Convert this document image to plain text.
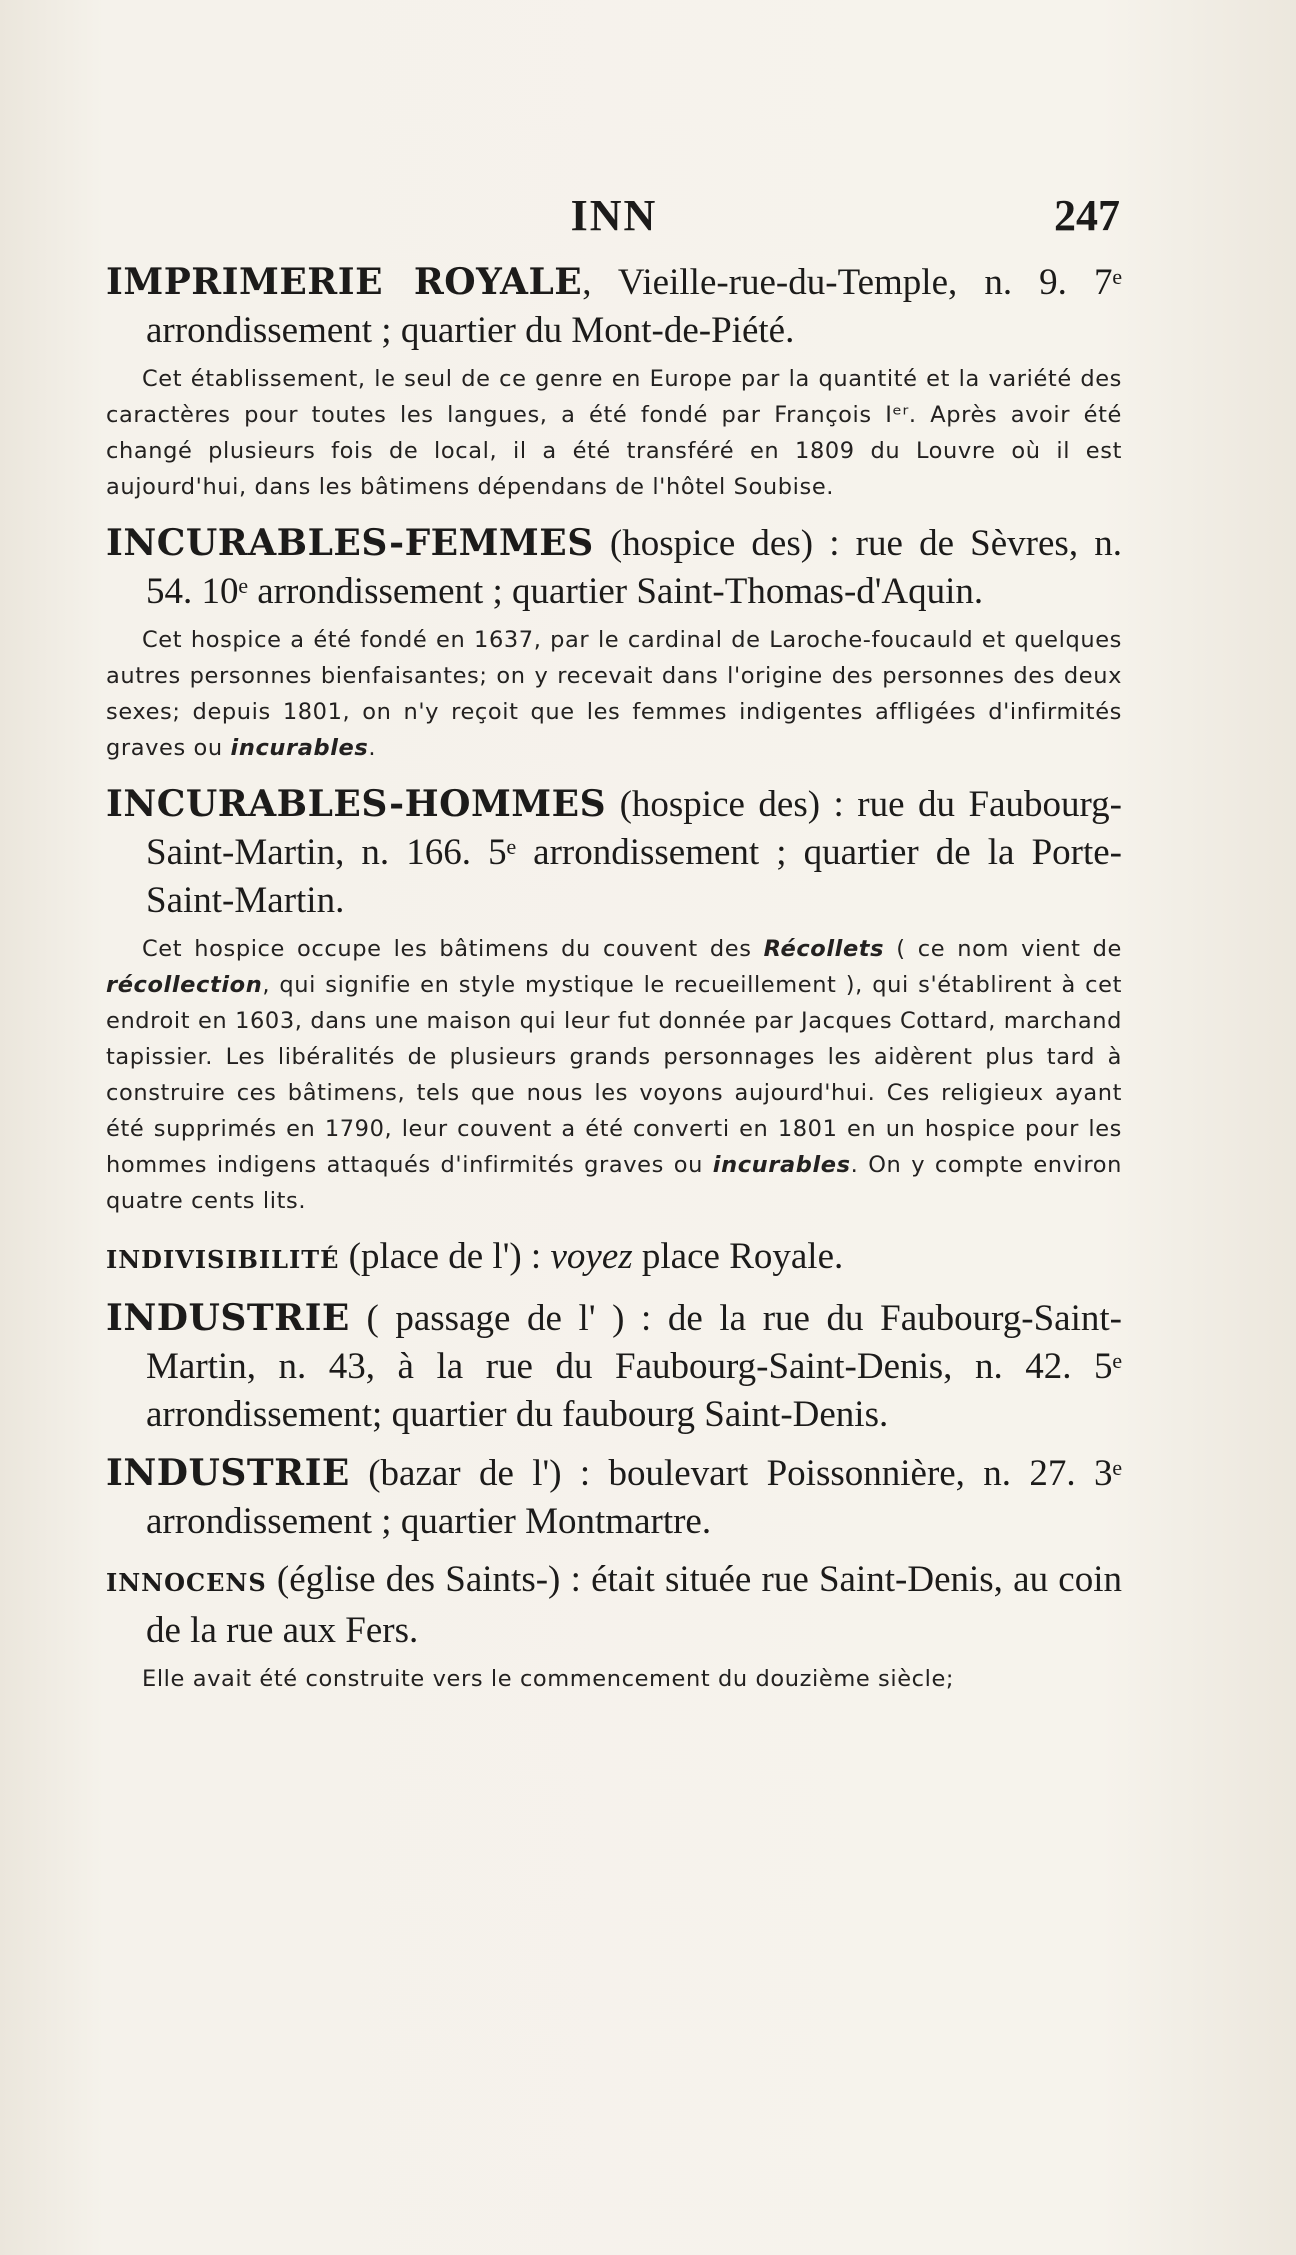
INN	247

IMPRIMERIE ROYALE, Vieille-rue-du-Temple, n. 9. 7ᵉ arrondissement ; quartier du Mont-de-Piété.

Cet établissement, le seul de ce genre en Europe par la quantité et la variété des caractères pour toutes les langues, a été fondé par François Iᵉʳ. Après avoir été changé plusieurs fois de local, il a été transféré en 1809 du Louvre où il est aujourd'hui, dans les bâtimens dépendans de l'hôtel Soubise.

INCURABLES-FEMMES (hospice des) : rue de Sèvres, n. 54. 10ᵉ arrondissement ; quartier Saint-Thomas-d'Aquin.

Cet hospice a été fondé en 1637, par le cardinal de Laroche-foucauld et quelques autres personnes bienfaisantes; on y recevait dans l'origine des personnes des deux sexes; depuis 1801, on n'y reçoit que les femmes indigentes affligées d'infirmités graves ou incurables.

INCURABLES-HOMMES (hospice des) : rue du Faubourg-Saint-Martin, n. 166. 5ᵉ arrondissement ; quartier de la Porte-Saint-Martin.

Cet hospice occupe les bâtimens du couvent des Récollets ( ce nom vient de récollection, qui signifie en style mystique le recueillement ), qui s'établirent à cet endroit en 1603, dans une maison qui leur fut donnée par Jacques Cottard, marchand tapissier. Les libéralités de plusieurs grands personnages les aidèrent plus tard à construire ces bâtimens, tels que nous les voyons aujourd'hui. Ces religieux ayant été supprimés en 1790, leur couvent a été converti en 1801 en un hospice pour les hommes indigens attaqués d'infirmités graves ou incurables. On y compte environ quatre cents lits.

INDIVISIBILITÉ (place de l') : voyez place Royale.

INDUSTRIE ( passage de l' ) : de la rue du Faubourg-Saint-Martin, n. 43, à la rue du Faubourg-Saint-Denis, n. 42. 5ᵉ arrondissement; quartier du faubourg Saint-Denis.

INDUSTRIE (bazar de l') : boulevart Poissonnière, n. 27. 3ᵉ arrondissement ; quartier Montmartre.

INNOCENS (église des Saints-) : était située rue Saint-Denis, au coin de la rue aux Fers.

Elle avait été construite vers le commencement du douzième siècle;
